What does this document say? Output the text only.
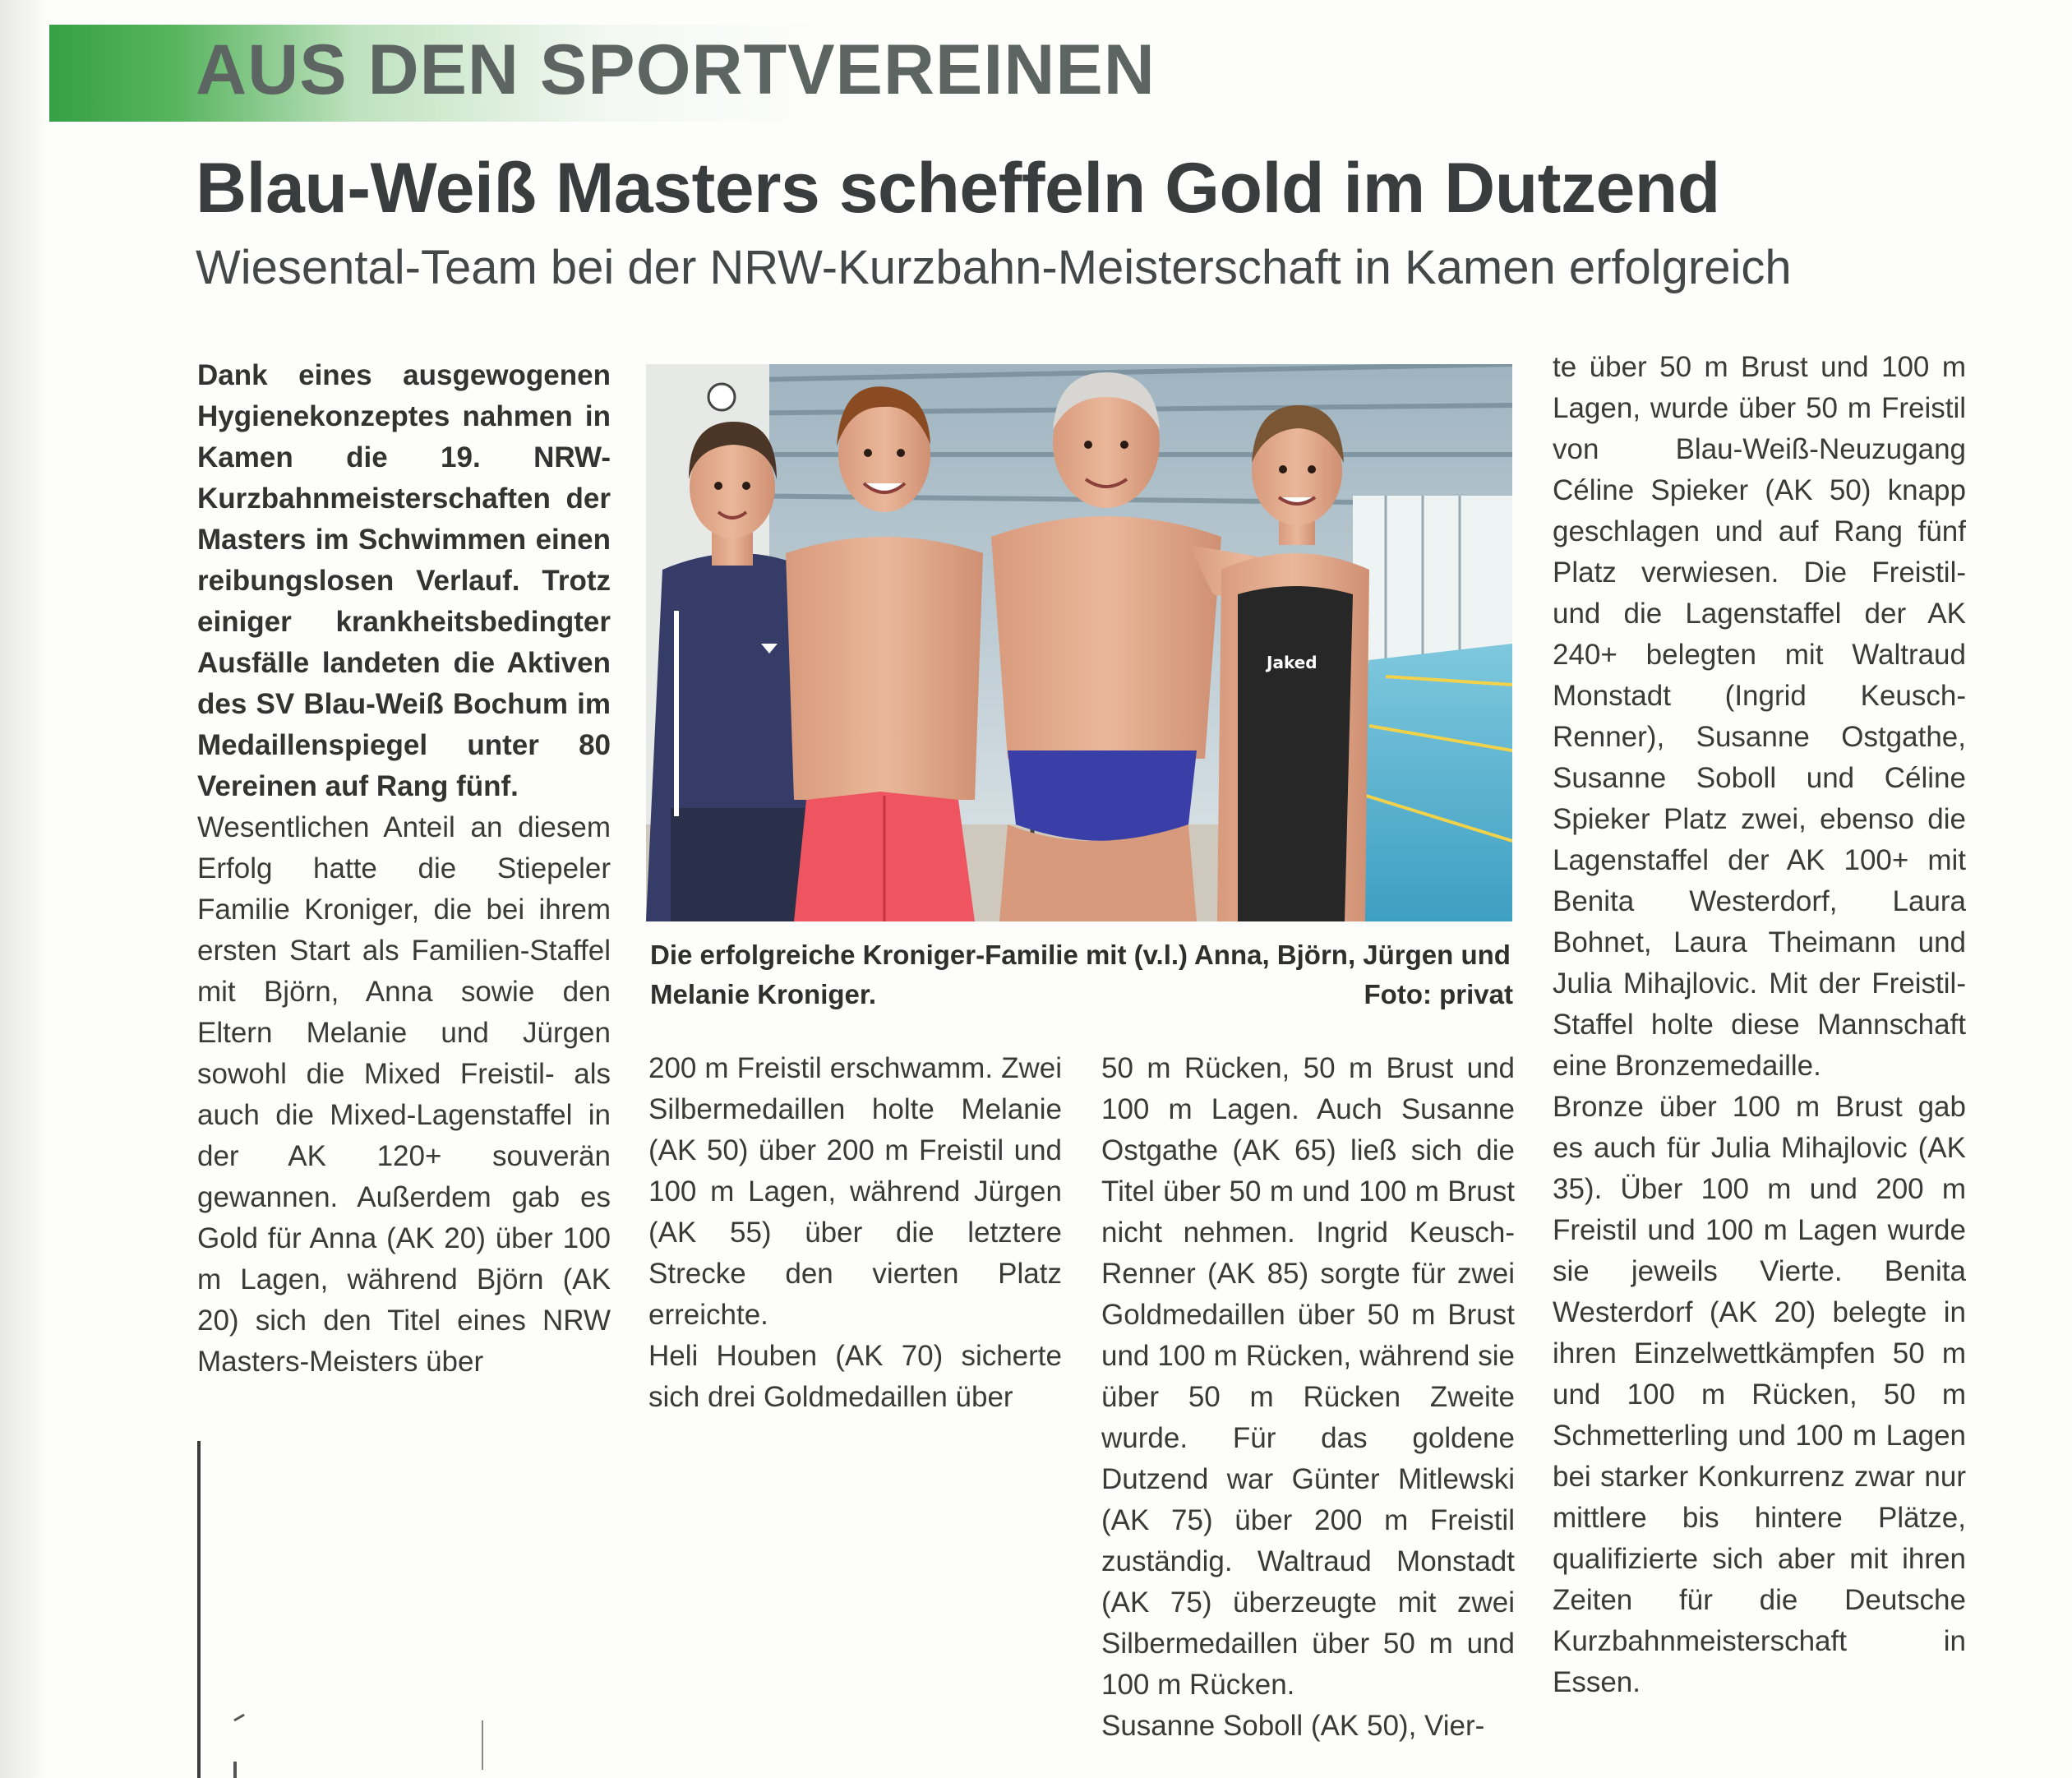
AUS DEN SPORTVEREINEN
Blau-Weiß Masters scheffeln Gold im Dutzend
Wiesental-Team bei der NRW-Kurzbahn-Meisterschaft in Kamen erfolgreich

Dank eines ausgewogenen Hygienekonzeptes nahmen in Kamen die 19. NRW-Kurzbahnmeisterschaften der Masters im Schwimmen einen reibungslosen Verlauf. Trotz einiger krankheitsbedingter Ausfälle landeten die Aktiven des SV Blau-Weiß Bochum im Medaillenspiegel unter 80 Vereinen auf Rang fünf.

Wesentlichen Anteil an diesem Erfolg hatte die Stiepeler Familie Kroniger, die bei ihrem ersten Start als Familien-Staffel mit Björn, Anna sowie den Eltern Melanie und Jürgen sowohl die Mixed Freistil- als auch die Mixed-Lagenstaffel in der AK 120+ souverän gewannen. Außerdem gab es Gold für Anna (AK 20) über 100 m Lagen, während Björn (AK 20) sich den Titel eines NRW Masters-Meisters über

Jaked
Die erfolgreiche Kroniger-Familie mit (v.l.) Anna, Björn, Jürgen und Melanie Kroniger.	Foto: privat

200 m Freistil erschwamm. Zwei Silbermedaillen holte Melanie (AK 50) über 200 m Freistil und 100 m Lagen, während Jürgen (AK 55) über die letztere Strecke den vierten Platz erreichte.

Heli Houben (AK 70) sicherte sich drei Goldmedaillen über

50 m Rücken, 50 m Brust und 100 m Lagen. Auch Susanne Ostgathe (AK 65) ließ sich die Titel über 50 m und 100 m Brust nicht nehmen. Ingrid Keusch-Renner (AK 85) sorgte für zwei Goldmedaillen über 50 m Brust und 100 m Rücken, während sie über 50 m Rücken Zweite wurde. Für das goldene Dutzend war Günter Mitlewski (AK 75) über 200 m Freistil zuständig. Waltraud Monstadt (AK 75) überzeugte mit zwei Silbermedaillen über 50 m und 100 m Rücken.

Susanne Soboll (AK 50), Vier-

te über 50 m Brust und 100 m Lagen, wurde über 50 m Freistil von Blau-Weiß-Neuzugang Céline Spieker (AK 50) knapp geschlagen und auf Rang fünf Platz verwiesen. Die Freistil- und die Lagenstaffel der AK 240+ belegten mit Waltraud Monstadt (Ingrid Keusch-Renner), Susanne Ostgathe, Susanne Soboll und Céline Spieker Platz zwei, ebenso die Lagenstaffel der AK 100+ mit Benita Westerdorf, Laura Bohnet, Laura Theimann und Julia Mihajlovic. Mit der Freistil-Staffel holte diese Mannschaft eine Bronzemedaille.

Bronze über 100 m Brust gab es auch für Julia Mihajlovic (AK 35). Über 100 m und 200 m Freistil und 100 m Lagen wurde sie jeweils Vierte. Benita Westerdorf (AK 20) belegte in ihren Einzelwettkämpfen 50 m und 100 m Rücken, 50 m Schmetterling und 100 m Lagen bei starker Konkurrenz zwar nur mittlere bis hintere Plätze, qualifizierte sich aber mit ihren Zeiten für die Deutsche Kurzbahnmeisterschaft in Essen.
